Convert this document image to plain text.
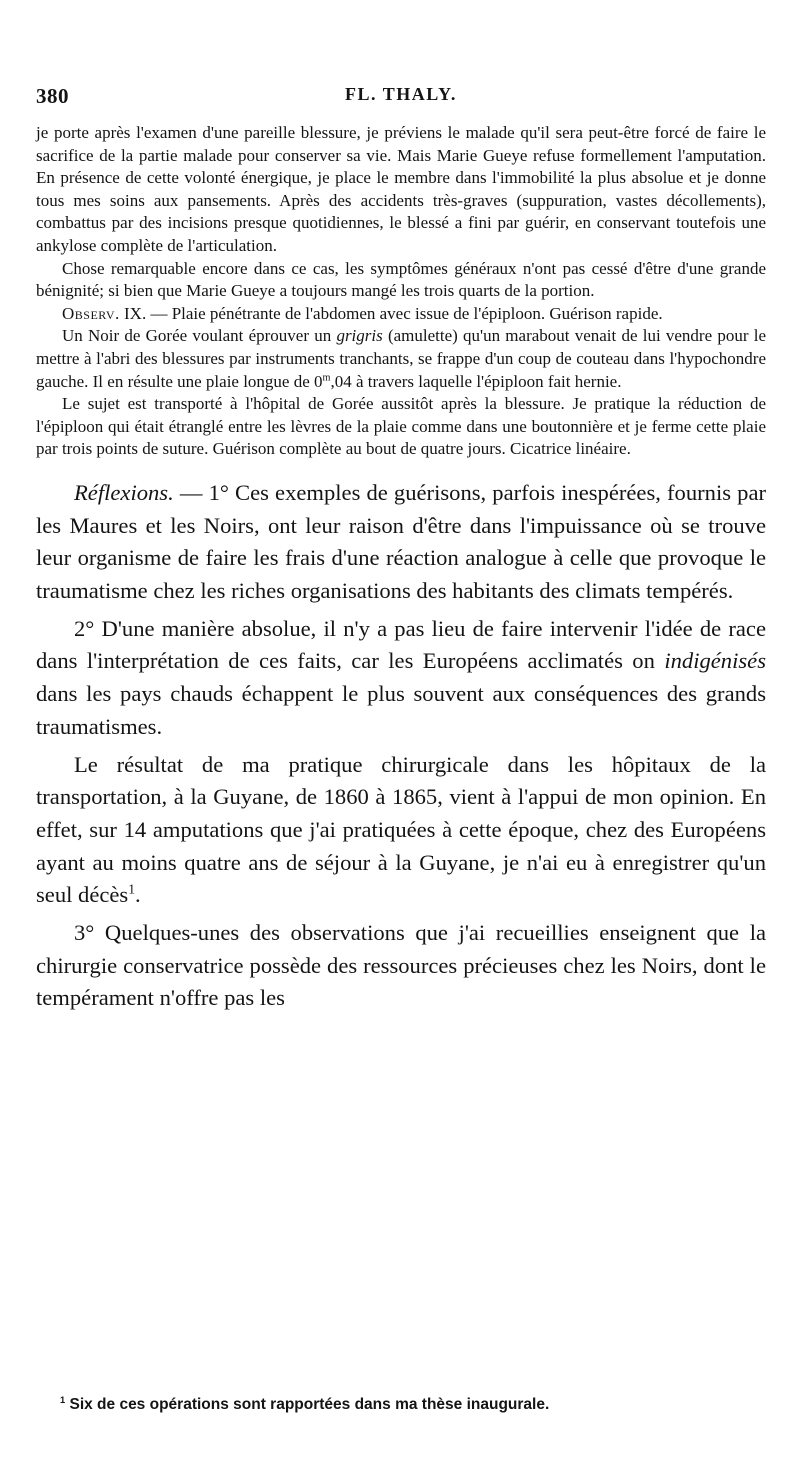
380	FL. THALY.

je porte après l'examen d'une pareille blessure, je préviens le malade qu'il sera peut-être forcé de faire le sacrifice de la partie malade pour conserver sa vie. Mais Marie Gueye refuse formellement l'amputation. En présence de cette volonté énergique, je place le membre dans l'immobilité la plus absolue et je donne tous mes soins aux pansements. Après des accidents très-graves (suppuration, vastes décollements), combattus par des incisions presque quotidiennes, le blessé a fini par guérir, en conservant toutefois une ankylose complète de l'articulation.

Chose remarquable encore dans ce cas, les symptômes généraux n'ont pas cessé d'être d'une grande bénignité; si bien que Marie Gueye a toujours mangé les trois quarts de la portion.

Observ. IX. — Plaie pénétrante de l'abdomen avec issue de l'épiploon. Guérison rapide.

Un Noir de Gorée voulant éprouver un grigris (amulette) qu'un marabout venait de lui vendre pour le mettre à l'abri des blessures par instruments tranchants, se frappe d'un coup de couteau dans l'hypochondre gauche. Il en résulte une plaie longue de 0$^m$,04 à travers laquelle l'épiploon fait hernie.

Le sujet est transporté à l'hôpital de Gorée aussitôt après la blessure. Je pratique la réduction de l'épiploon qui était étranglé entre les lèvres de la plaie comme dans une boutonnière et je ferme cette plaie par trois points de suture. Guérison complète au bout de quatre jours. Cicatrice linéaire.

Réflexions. — 1° Ces exemples de guérisons, parfois inespérées, fournis par les Maures et les Noirs, ont leur raison d'être dans l'impuissance où se trouve leur organisme de faire les frais d'une réaction analogue à celle que provoque le traumatisme chez les riches organisations des habitants des climats tempérés.

2° D'une manière absolue, il n'y a pas lieu de faire intervenir l'idée de race dans l'interprétation de ces faits, car les Européens acclimatés on indigénisés dans les pays chauds échappent le plus souvent aux conséquences des grands traumatismes.

Le résultat de ma pratique chirurgicale dans les hôpitaux de la transportation, à la Guyane, de 1860 à 1865, vient à l'appui de mon opinion. En effet, sur 14 amputations que j'ai pratiquées à cette époque, chez des Européens ayant au moins quatre ans de séjour à la Guyane, je n'ai eu à enregistrer qu'un seul décès$^1$.

3° Quelques-unes des observations que j'ai recueillies enseignent que la chirurgie conservatrice possède des ressources précieuses chez les Noirs, dont le tempérament n'offre pas les

$^1$ Six de ces opérations sont rapportées dans ma thèse inaugurale.
